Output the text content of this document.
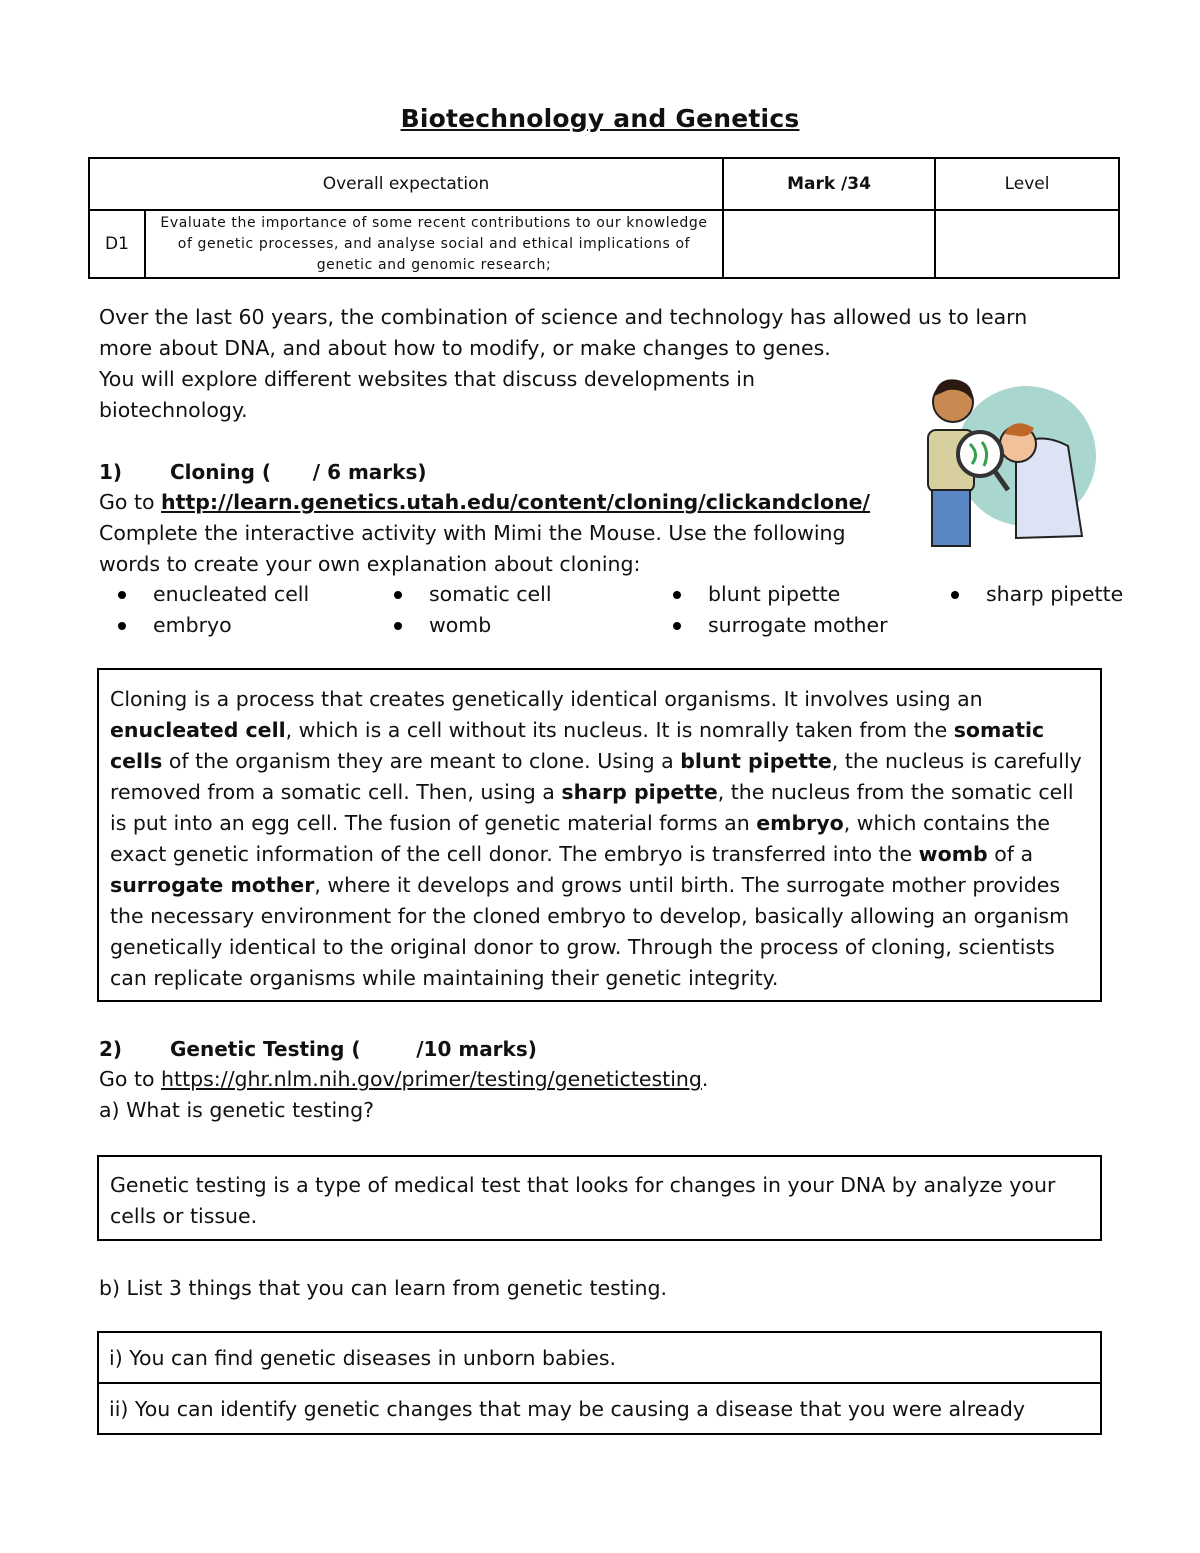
Biotechnology and Genetics
Overall expectation		Mark /34	Level
D1	Evaluate the importance of some recent contributions to our knowledge of genetic processes, and analyse social and ethical implications of genetic and genomic research;		
Over the last 60 years, the combination of science and technology has allowed us to learn
more about DNA, and about how to modify, or make changes to genes.
You will explore different websites that discuss developments in
biotechnology.
1) Cloning (      / 6 marks)
Go to http://learn.genetics.utah.edu/content/cloning/clickandclone/
Complete the interactive activity with Mimi the Mouse. Use the following
words to create your own explanation about cloning:
enucleated cell	somatic cell	blunt pipette	sharp pipette
embryo	womb	surrogate mother
Cloning is a process that creates genetically identical organisms. It involves using an enucleated cell, which is a cell without its nucleus. It is nomrally taken from the somatic cells of the organism they are meant to clone. Using a blunt pipette, the nucleus is carefully removed from a somatic cell. Then, using a sharp pipette, the nucleus from the somatic cell is put into an egg cell. The fusion of genetic material forms an embryo, which contains the exact genetic information of the cell donor. The embryo is transferred into the womb of a surrogate mother, where it develops and grows until birth. The surrogate mother provides the necessary environment for the cloned embryo to develop, basically allowing an organism genetically identical to the original donor to grow. Through the process of cloning, scientists can replicate organisms while maintaining their genetic integrity.
2) Genetic Testing (        /10 marks)
Go to https://ghr.nlm.nih.gov/primer/testing/genetictesting.
a) What is genetic testing?
Genetic testing is a type of medical test that looks for changes in your DNA by analyze your cells or tissue.
b) List 3 things that you can learn from genetic testing.
i) You can find genetic diseases in unborn babies.
ii) You can identify genetic changes that may be causing a disease that you were already
